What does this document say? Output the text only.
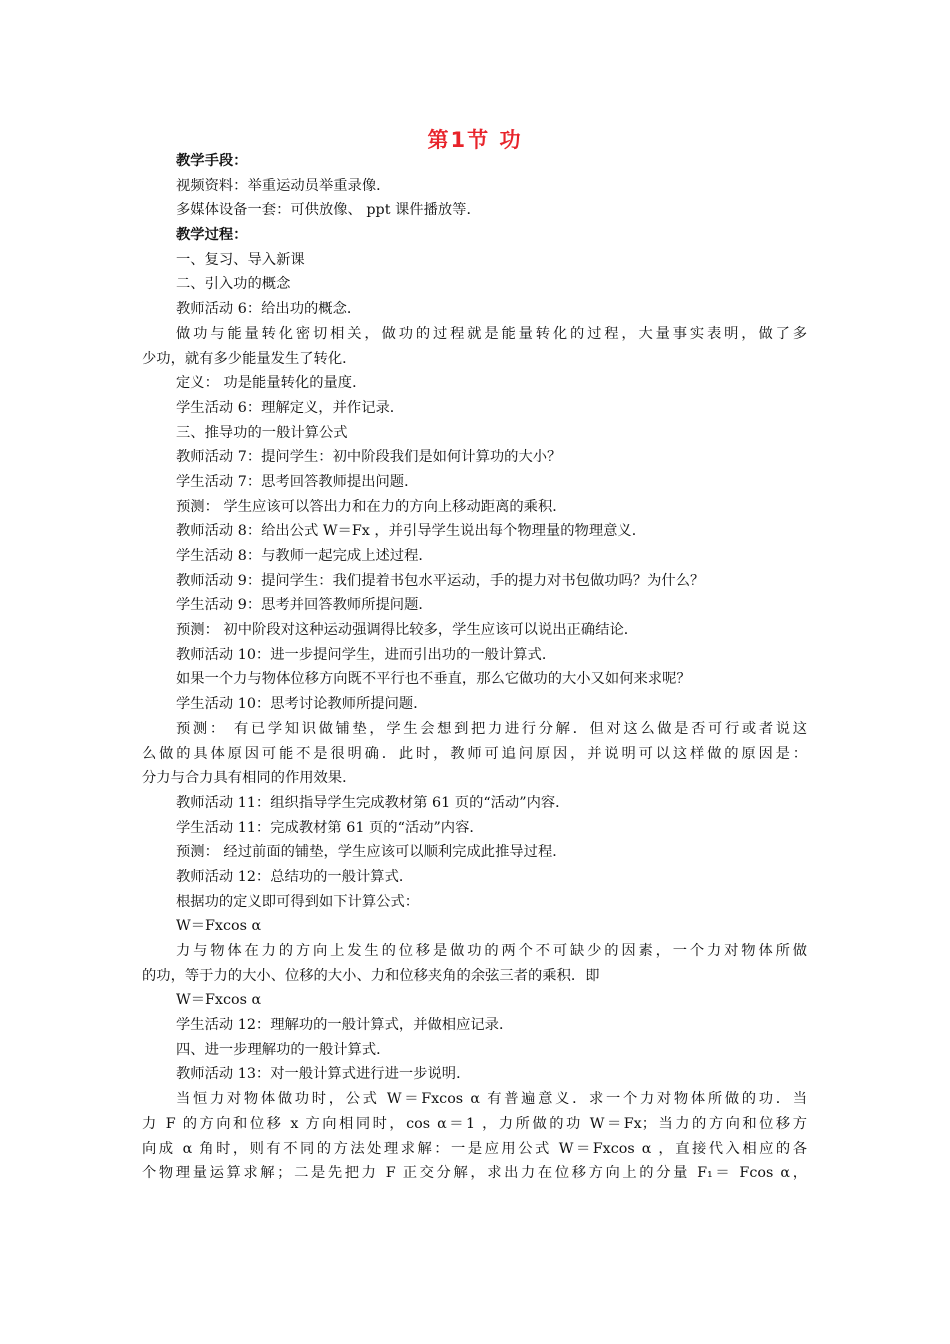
第1节 功
教学手段：
视频资料：举重运动员举重录像．
多媒体设备一套：可供放像、 ppt 课件播放等．
教学过程：
一、复习、导入新课
二、引入功的概念
教师活动 6：给出功的概念．
做功与能量转化密切相关，做功的过程就是能量转化的过程，大量事实表明，做了多
少功，就有多少能量发生了转化．
定义： 功是能量转化的量度．
学生活动 6：理解定义，并作记录．
三、推导功的一般计算公式
教师活动 7：提问学生：初中阶段我们是如何计算功的大小？
学生活动 7：思考回答教师提出问题．
预测： 学生应该可以答出力和在力的方向上移动距离的乘积．
教师活动 8：给出公式 W＝Fx ，并引导学生说出每个物理量的物理意义．
学生活动 8：与教师一起完成上述过程．
教师活动 9：提问学生：我们提着书包水平运动，手的提力对书包做功吗？为什么？
学生活动 9：思考并回答教师所提问题．
预测： 初中阶段对这种运动强调得比较多，学生应该可以说出正确结论．
教师活动 10：进一步提问学生，进而引出功的一般计算式．
如果一个力与物体位移方向既不平行也不垂直，那么它做功的大小又如何来求呢？
学生活动 10：思考讨论教师所提问题．
预测： 有已学知识做铺垫，学生会想到把力进行分解．但对这么做是否可行或者说这
么做的具体原因可能不是很明确．此时，教师可追问原因，并说明可以这样做的原因是：
分力与合力具有相同的作用效果．
教师活动 11：组织指导学生完成教材第 61 页的“活动”内容．
学生活动 11：完成教材第 61 页的“活动”内容．
预测： 经过前面的铺垫，学生应该可以顺利完成此推导过程．
教师活动 12：总结功的一般计算式．
根据功的定义即可得到如下计算公式：
W＝Fxcos α
力与物体在力的方向上发生的位移是做功的两个不可缺少的因素，一个力对物体所做
的功，等于力的大小、位移的大小、力和位移夹角的余弦三者的乘积．即
W＝Fxcos α
学生活动 12：理解功的一般计算式，并做相应记录．
四、进一步理解功的一般计算式．
教师活动 13：对一般计算式进行进一步说明．
当恒力对物体做功时，公式 W＝Fxcos α 有普遍意义．求一个力对物体所做的功．当
力 F 的方向和位移 x 方向相同时，cos α＝1 ，力所做的功 W＝Fx；当力的方向和位移方
向成 α 角时，则有不同的方法处理求解：一是应用公式 W＝Fxcos α ，直接代入相应的各
个物理量运算求解；二是先把力 F 正交分解，求出力在位移方向上的分量 F₁＝ Fcos α，
